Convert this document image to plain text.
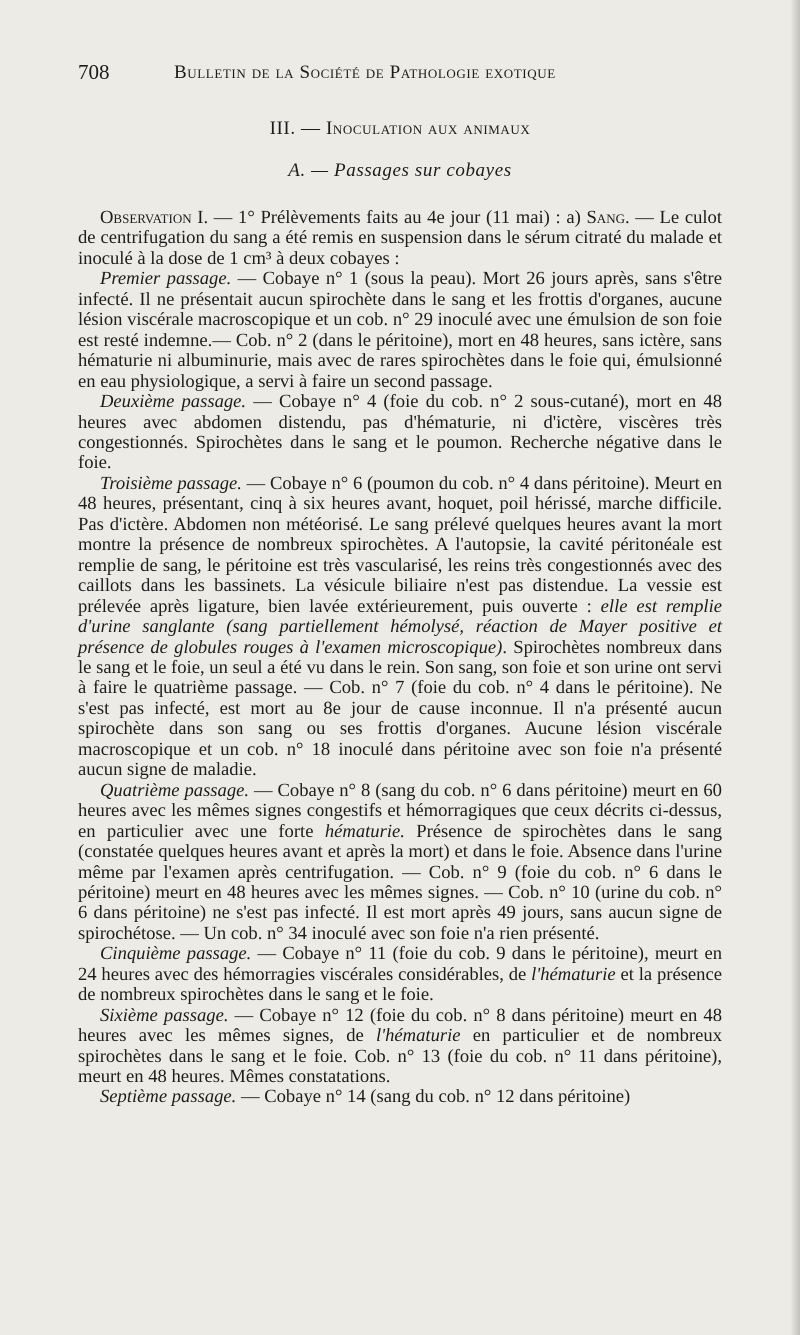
708	Bulletin de la Société de Pathologie exotique
III. — Inoculation aux animaux
A. — Passages sur cobayes

Observation I. — 1° Prélèvements faits au 4e jour (11 mai) : a) Sang. — Le culot de centrifugation du sang a été remis en suspension dans le sérum citraté du malade et inoculé à la dose de 1 cm³ à deux cobayes :

Premier passage. — Cobaye n° 1 (sous la peau). Mort 26 jours après, sans s'être infecté. Il ne présentait aucun spirochète dans le sang et les frottis d'organes, aucune lésion viscérale macroscopique et un cob. n° 29 inoculé avec une émulsion de son foie est resté indemne.— Cob. n° 2 (dans le péritoine), mort en 48 heures, sans ictère, sans hématurie ni albuminurie, mais avec de rares spirochètes dans le foie qui, émulsionné en eau physiologique, a servi à faire un second passage.

Deuxième passage. — Cobaye n° 4 (foie du cob. n° 2 sous-cutané), mort en 48 heures avec abdomen distendu, pas d'hématurie, ni d'ictère, viscères très congestionnés. Spirochètes dans le sang et le poumon. Recherche négative dans le foie.

Troisième passage. — Cobaye n° 6 (poumon du cob. n° 4 dans péritoine). Meurt en 48 heures, présentant, cinq à six heures avant, hoquet, poil hérissé, marche difficile. Pas d'ictère. Abdomen non météorisé. Le sang prélevé quelques heures avant la mort montre la présence de nombreux spirochètes. A l'autopsie, la cavité péritonéale est remplie de sang, le péritoine est très vascularisé, les reins très congestionnés avec des caillots dans les bassinets. La vésicule biliaire n'est pas distendue. La vessie est prélevée après ligature, bien lavée extérieurement, puis ouverte : elle est remplie d'urine sanglante (sang partiellement hémolysé, réaction de Mayer positive et présence de globules rouges à l'examen microscopique). Spirochètes nombreux dans le sang et le foie, un seul a été vu dans le rein. Son sang, son foie et son urine ont servi à faire le quatrième passage. — Cob. n° 7 (foie du cob. n° 4 dans le péritoine). Ne s'est pas infecté, est mort au 8e jour de cause inconnue. Il n'a présenté aucun spirochète dans son sang ou ses frottis d'organes. Aucune lésion viscérale macroscopique et un cob. n° 18 inoculé dans péritoine avec son foie n'a présenté aucun signe de maladie.

Quatrième passage. — Cobaye n° 8 (sang du cob. n° 6 dans péritoine) meurt en 60 heures avec les mêmes signes congestifs et hémorragiques que ceux décrits ci-dessus, en particulier avec une forte hématurie. Présence de spirochètes dans le sang (constatée quelques heures avant et après la mort) et dans le foie. Absence dans l'urine même par l'examen après centrifugation. — Cob. n° 9 (foie du cob. n° 6 dans le péritoine) meurt en 48 heures avec les mêmes signes. — Cob. n° 10 (urine du cob. n° 6 dans péritoine) ne s'est pas infecté. Il est mort après 49 jours, sans aucun signe de spirochétose. — Un cob. n° 34 inoculé avec son foie n'a rien présenté.

Cinquième passage. — Cobaye n° 11 (foie du cob. 9 dans le péritoine), meurt en 24 heures avec des hémorragies viscérales considérables, de l'hématurie et la présence de nombreux spirochètes dans le sang et le foie.

Sixième passage. — Cobaye n° 12 (foie du cob. n° 8 dans péritoine) meurt en 48 heures avec les mêmes signes, de l'hématurie en particulier et de nombreux spirochètes dans le sang et le foie. Cob. n° 13 (foie du cob. n° 11 dans péritoine), meurt en 48 heures. Mêmes constatations.

Septième passage. — Cobaye n° 14 (sang du cob. n° 12 dans péritoine)
